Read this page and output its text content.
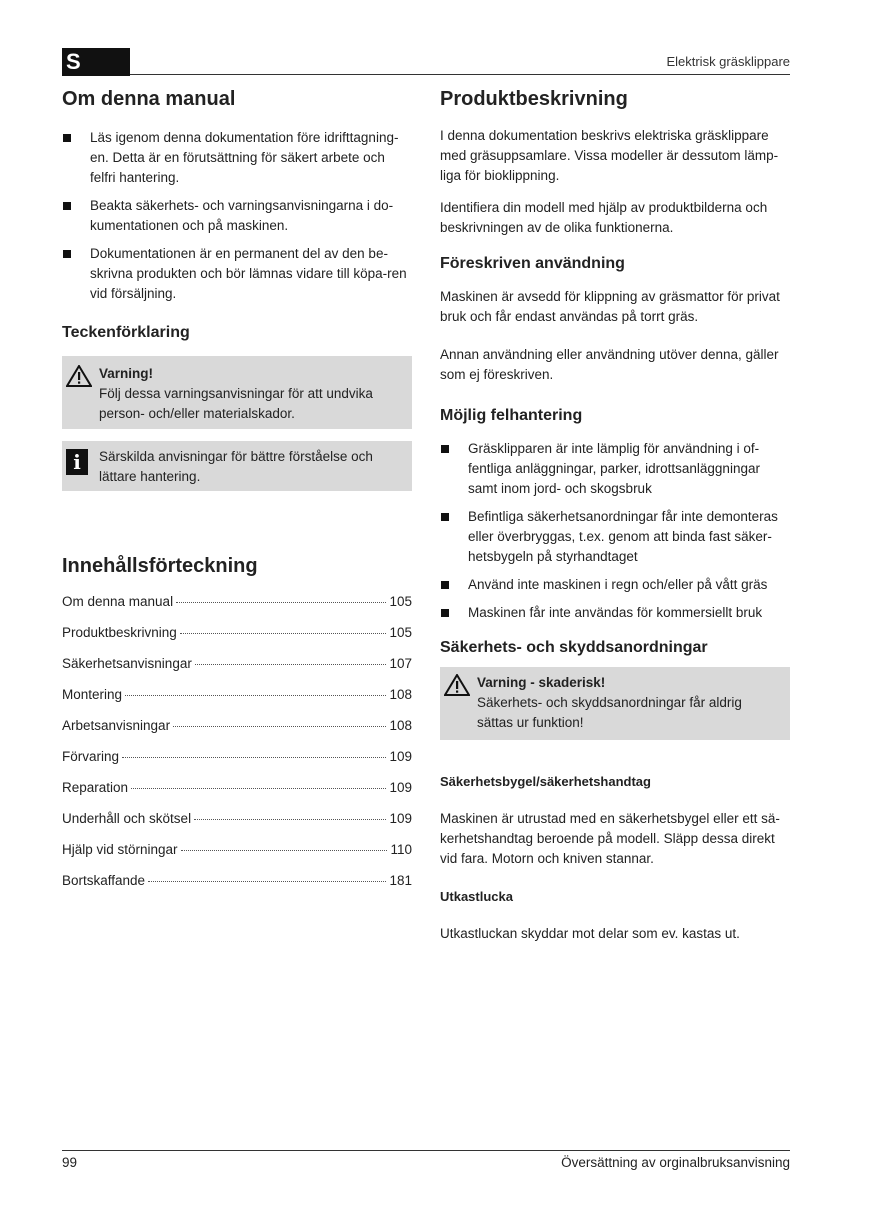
S	Elektrisk gräsklippare
Om denna manual
Läs igenom denna dokumentation före idrifttagning-en. Detta är en förutsättning för säkert arbete och felfri hantering.
Beakta säkerhets- och varningsanvisningarna i do-kumentationen och på maskinen.
Dokumentationen är en permanent del av den be-skrivna produkten och bör lämnas vidare till köpa-ren vid försäljning.
Teckenförklaring
Varning!
Följ dessa varningsanvisningar för att undvika person- och/eller materialskador.
i	Särskilda anvisningar för bättre förståelse och lättare hantering.
Innehållsförteckning
Om denna manual	105
Produktbeskrivning	105
Säkerhetsanvisningar	107
Montering	108
Arbetsanvisningar	108
Förvaring	109
Reparation	109
Underhåll och skötsel	109
Hjälp vid störningar	110
Bortskaffande	181
Produktbeskrivning

I denna dokumentation beskrivs elektriska gräsklippare med gräsuppsamlare. Vissa modeller är dessutom lämp-liga för bioklippning.

Identifiera din modell med hjälp av produktbilderna och beskrivningen av de olika funktionerna.

Föreskriven användning

Maskinen är avsedd för klippning av gräsmattor för privat bruk och får endast användas på torrt gräs.

Annan användning eller användning utöver denna, gäller som ej föreskriven.

Möjlig felhantering
Gräsklipparen är inte lämplig för användning i of-fentliga anläggningar, parker, idrottsanläggningar samt inom jord- och skogsbruk
Befintliga säkerhetsanordningar får inte demonteras eller överbryggas, t.ex. genom att binda fast säker-hetsbygeln på styrhandtaget
Använd inte maskinen i regn och/eller på vått gräs
Maskinen får inte användas för kommersiellt bruk
Säkerhets- och skyddsanordningar
Varning - skaderisk!
Säkerhets- och skyddsanordningar får aldrig sättas ur funktion!
Säkerhetsbygel/säkerhetshandtag

Maskinen är utrustad med en säkerhetsbygel eller ett sä-kerhetshandtag beroende på modell. Släpp dessa direkt vid fara. Motorn och kniven stannar.

Utkastlucka

Utkastluckan skyddar mot delar som ev. kastas ut.

99	Översättning av orginalbruksanvisning
